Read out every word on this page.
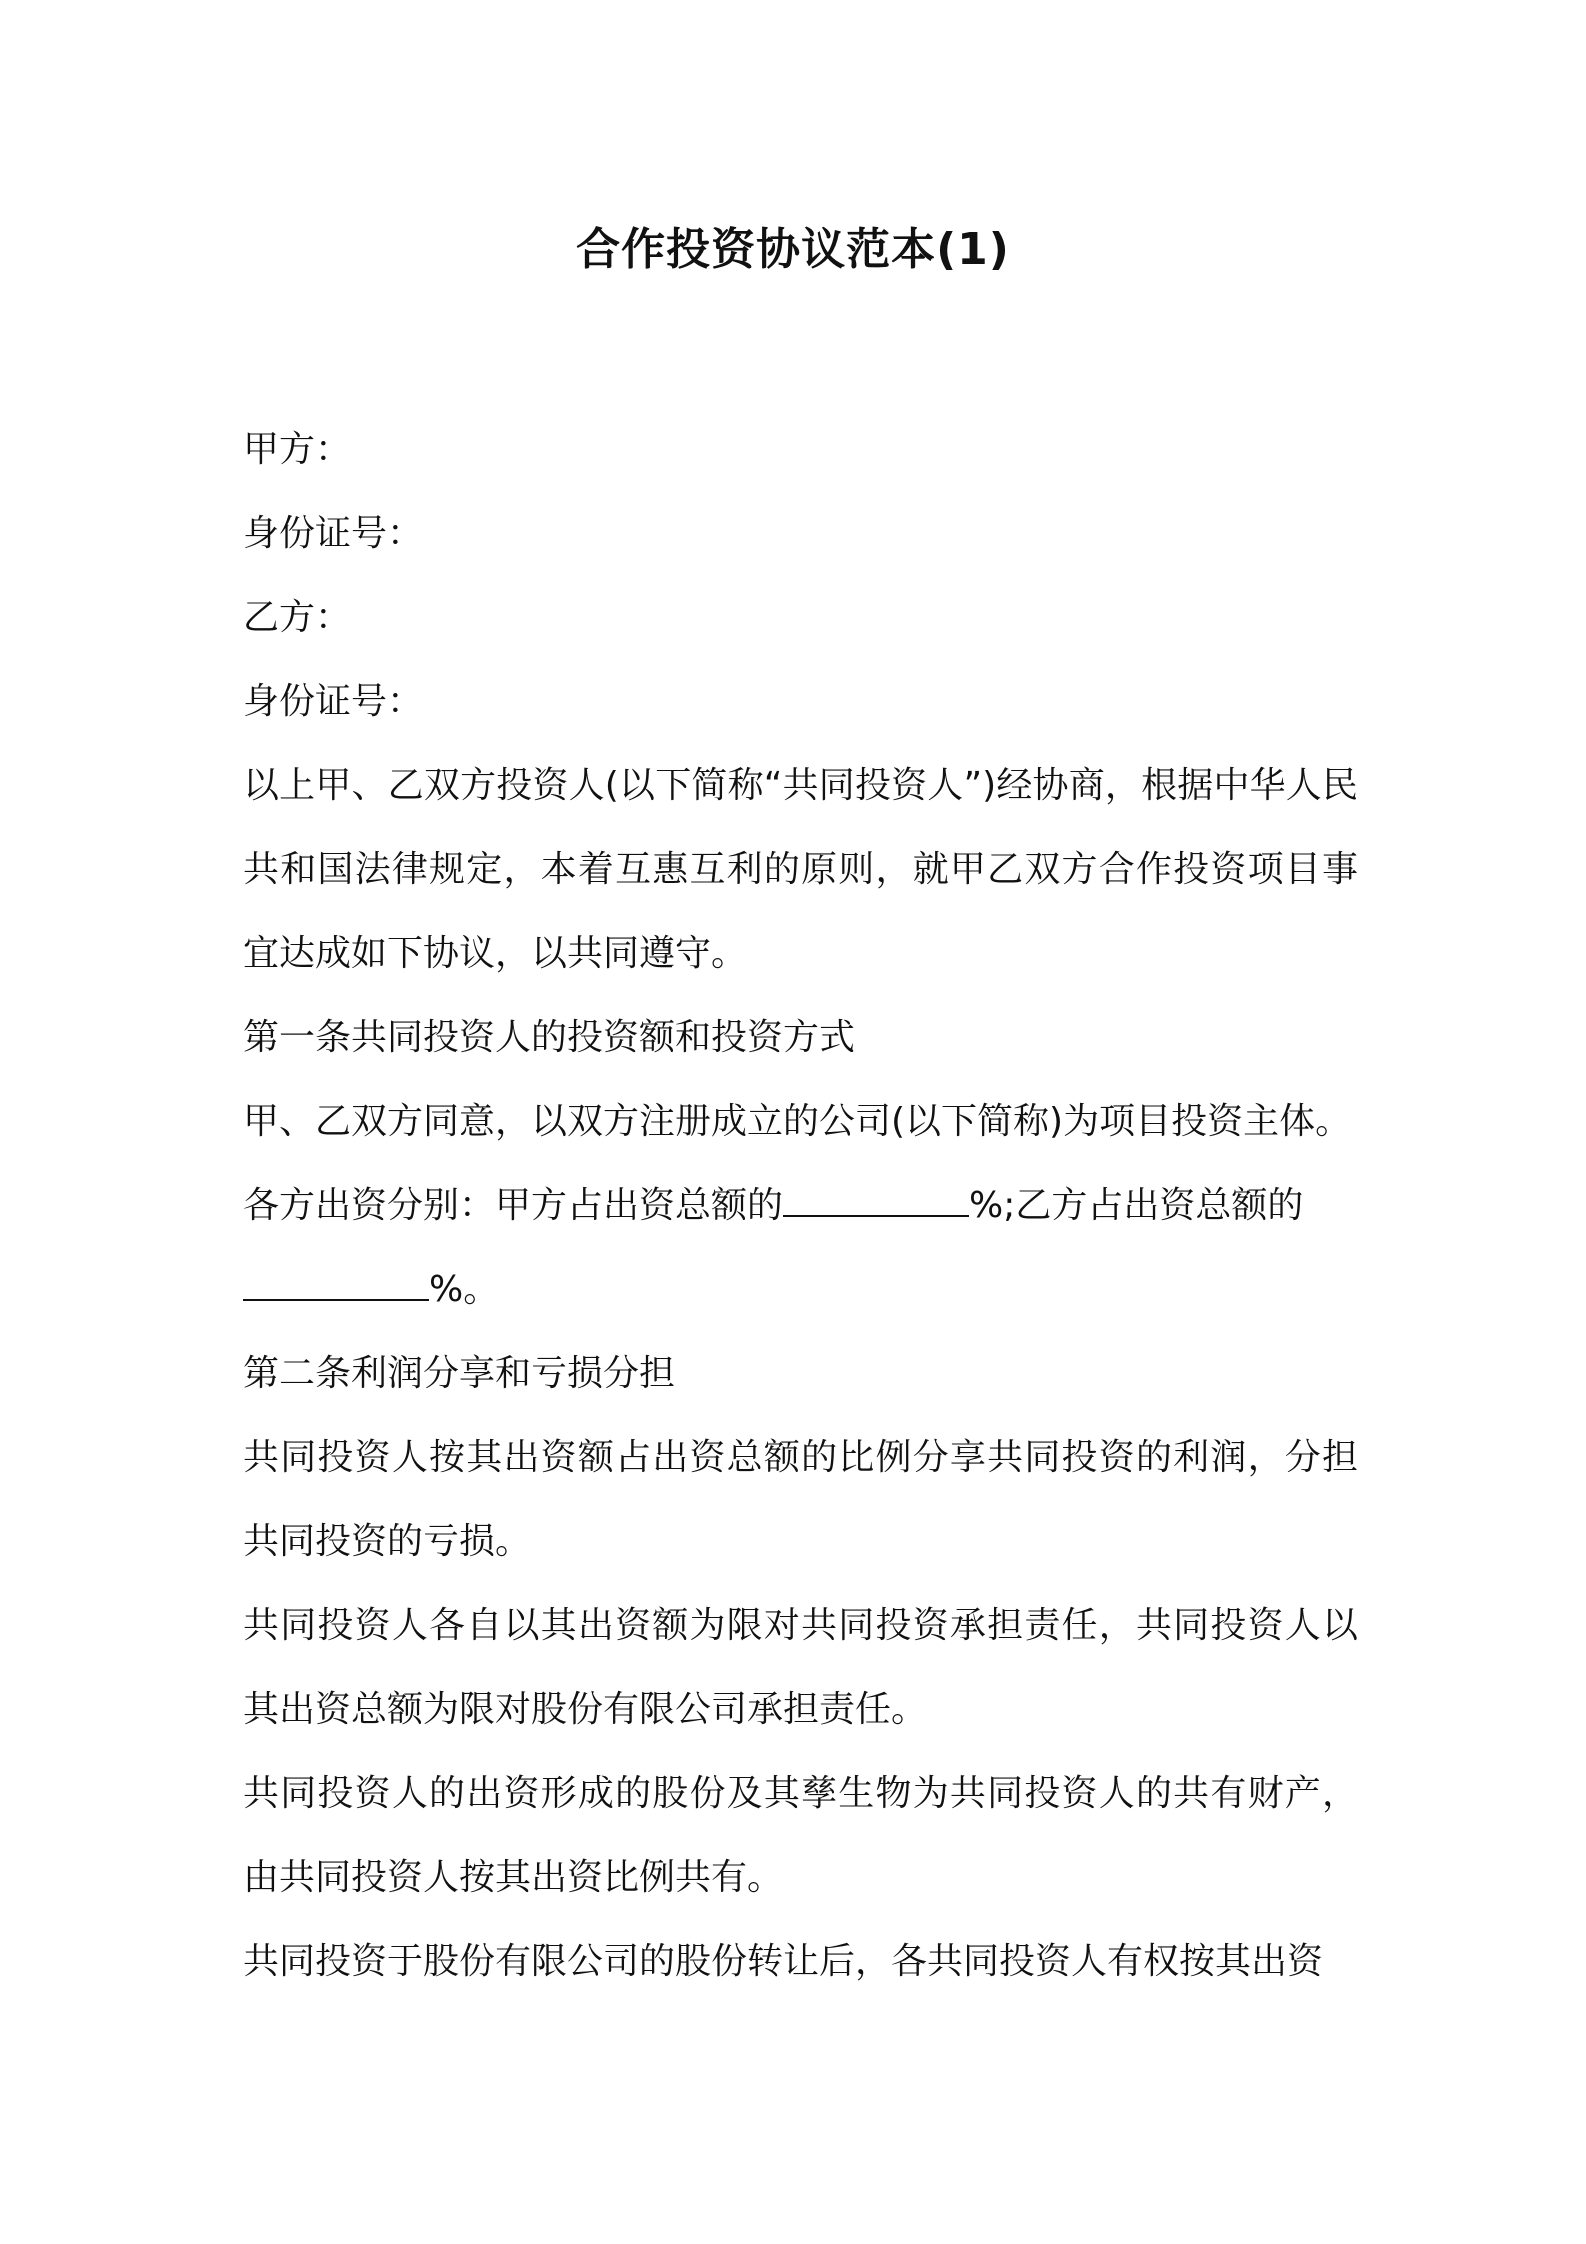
合作投资协议范本(1)

甲方：

身份证号：

乙方：

身份证号：

以上甲、乙双方投资人(以下简称“共同投资人”)经协商，根据中华人民共和国法律规定，本着互惠互利的原则，就甲乙双方合作投资项目事宜达成如下协议，以共同遵守。

第一条共同投资人的投资额和投资方式

甲、乙双方同意，以双方注册成立的公司(以下简称)为项目投资主体。

各方出资分别：甲方占出资总额的	%;乙方占出资总额的
%。

第二条利润分享和亏损分担

共同投资人按其出资额占出资总额的比例分享共同投资的利润，分担共同投资的亏损。

共同投资人各自以其出资额为限对共同投资承担责任，共同投资人以其出资总额为限对股份有限公司承担责任。

共同投资人的出资形成的股份及其孳生物为共同投资人的共有财产，由共同投资人按其出资比例共有。

共同投资于股份有限公司的股份转让后，各共同投资人有权按其出资
